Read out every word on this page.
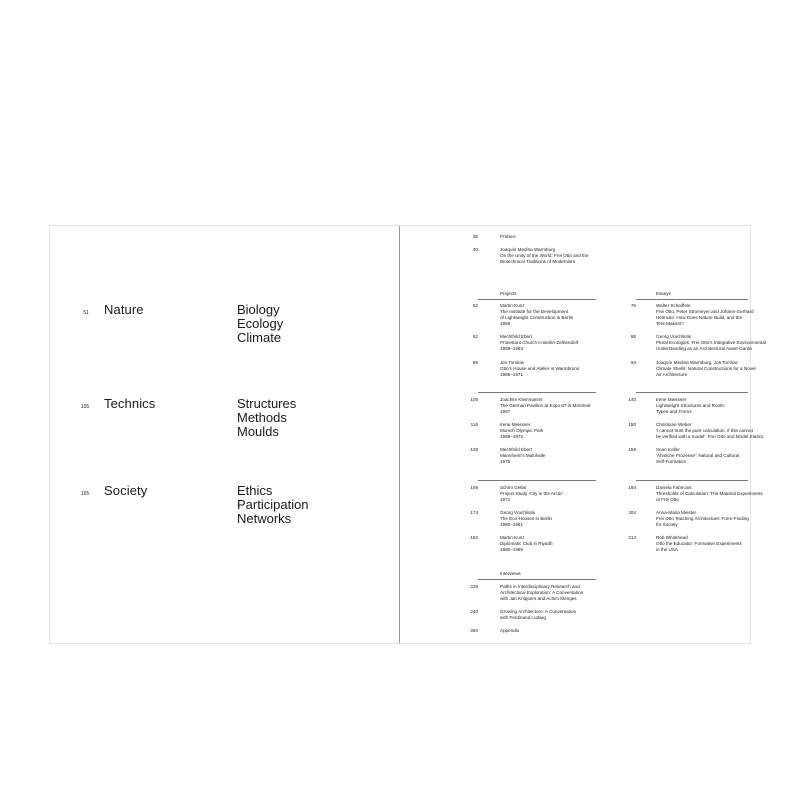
51 Nature	Biology
Ecology
Climate
105 Technics	Structures
Methods
Moulds
165 Society	Ethics
Participation
Networks
35	Preface
40	Joaquín Medina Warmburg
On the Unity of the World: Frei Otto and the
Biotechnical Traditions of Modernism
Projects	Essays
52	Martin Kunz
The Institute for the Development
of Lightweight Construction in Berlin
1959
62	Mechthild Ebert
Protestant Church in Berlin-Zehlendorf
1959–1963
68	Jes Tomlow
Otto's House and Atelier in Warmbronn
1966–1971
76	Walter Scheiffele
Frei Otto, Peter Stromeyer and Johann-Gerhard
Helmcke: How Does Nature Build, and the
Tent-Makers?
86	Georg Vrachliotis
Plural Ecologies: Frei Otto's Integrative Environmental
Understanding as an Architectural Avant-Garde
94	Joaquín Medina Warmburg, Jos Tomlow
Climate Shells: Natural Constructions for a Novel
Air Architecture
106	Joachim Kleinmanns
The German Pavilion at Expo 67 in Montreal
1967
116	Irene Meissner
Munich Olympic Park
1968–1972
128	Mechthild Ebert
Mannheim's Multihalle
1975
140	Irene Meissner
Lightweight Structures and Roofs:
Types and Forms
150	Christiane Weber
'I cannot trust the pure calculation, if this cannot
be verified with a model': Frei Otto and Model Statics
158	Sean Keller
'Ähnliche Prozesse': Natural and Cultural
Self-Formation
166	Schiro Gellai
Project Study 'City in the Arctic'
1971
174	Georg Vrachliotis
The Eco-Houses in Berlin
1980–1991
182	Martin Kunz
Diplomatic Club in Riyadh
1980–1986
194	Daniela Fabricius
Thresholds of Calculation: The Material Experiments
of Frei Otto
204	Anna-Maria Meister
Frei Otto Teaching Architecture: Form-Finding
for Society
214	Rob Whitehead
Otto the Educator: Formative Experiments
in the USA
Interviews
228	Paths in Interdisciplinary Research and
Architectural Exploration: A Conversation
with Jan Knippers and Achim Menges
240	Growing Architecture: A Conversation
with Ferdinand Ludwig
250	Appendix
